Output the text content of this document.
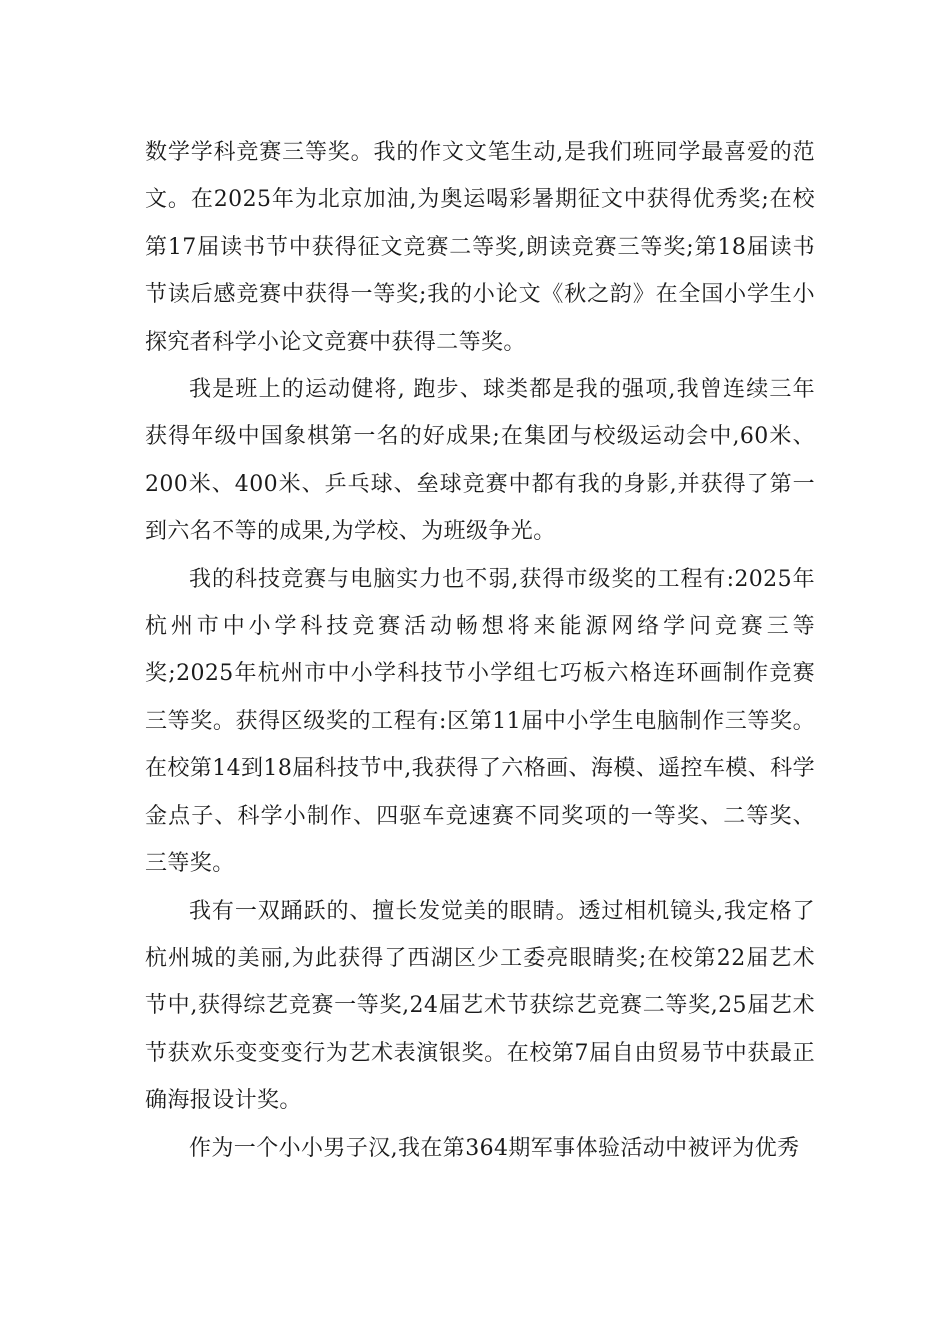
数学学科竞赛三等奖。我的作文文笔生动,是我们班同学最喜爱的范文。在2025年为北京加油,为奥运喝彩暑期征文中获得优秀奖;在校第17届读书节中获得征文竞赛二等奖,朗读竞赛三等奖;第18届读书节读后感竞赛中获得一等奖;我的小论文《秋之韵》在全国小学生小探究者科学小论文竞赛中获得二等奖。

我是班上的运动健将, 跑步、球类都是我的强项,我曾连续三年获得年级中国象棋第一名的好成果;在集团与校级运动会中,60米、200米、400米、乒乓球、垒球竞赛中都有我的身影,并获得了第一到六名不等的成果,为学校、为班级争光。

我的科技竞赛与电脑实力也不弱,获得市级奖的工程有:2025年杭州市中小学科技竞赛活动畅想将来能源网络学问竞赛三等奖;2025年杭州市中小学科技节小学组七巧板六格连环画制作竞赛三等奖。获得区级奖的工程有:区第11届中小学生电脑制作三等奖。在校第14到18届科技节中,我获得了六格画、海模、遥控车模、科学金点子、科学小制作、四驱车竞速赛不同奖项的一等奖、二等奖、三等奖。

我有一双踊跃的、擅长发觉美的眼睛。透过相机镜头,我定格了杭州城的美丽,为此获得了西湖区少工委亮眼睛奖;在校第22届艺术节中,获得综艺竞赛一等奖,24届艺术节获综艺竞赛二等奖,25届艺术节获欢乐变变变行为艺术表演银奖。在校第7届自由贸易节中获最正确海报设计奖。

作为一个小小男子汉,我在第364期军事体验活动中被评为优秀
